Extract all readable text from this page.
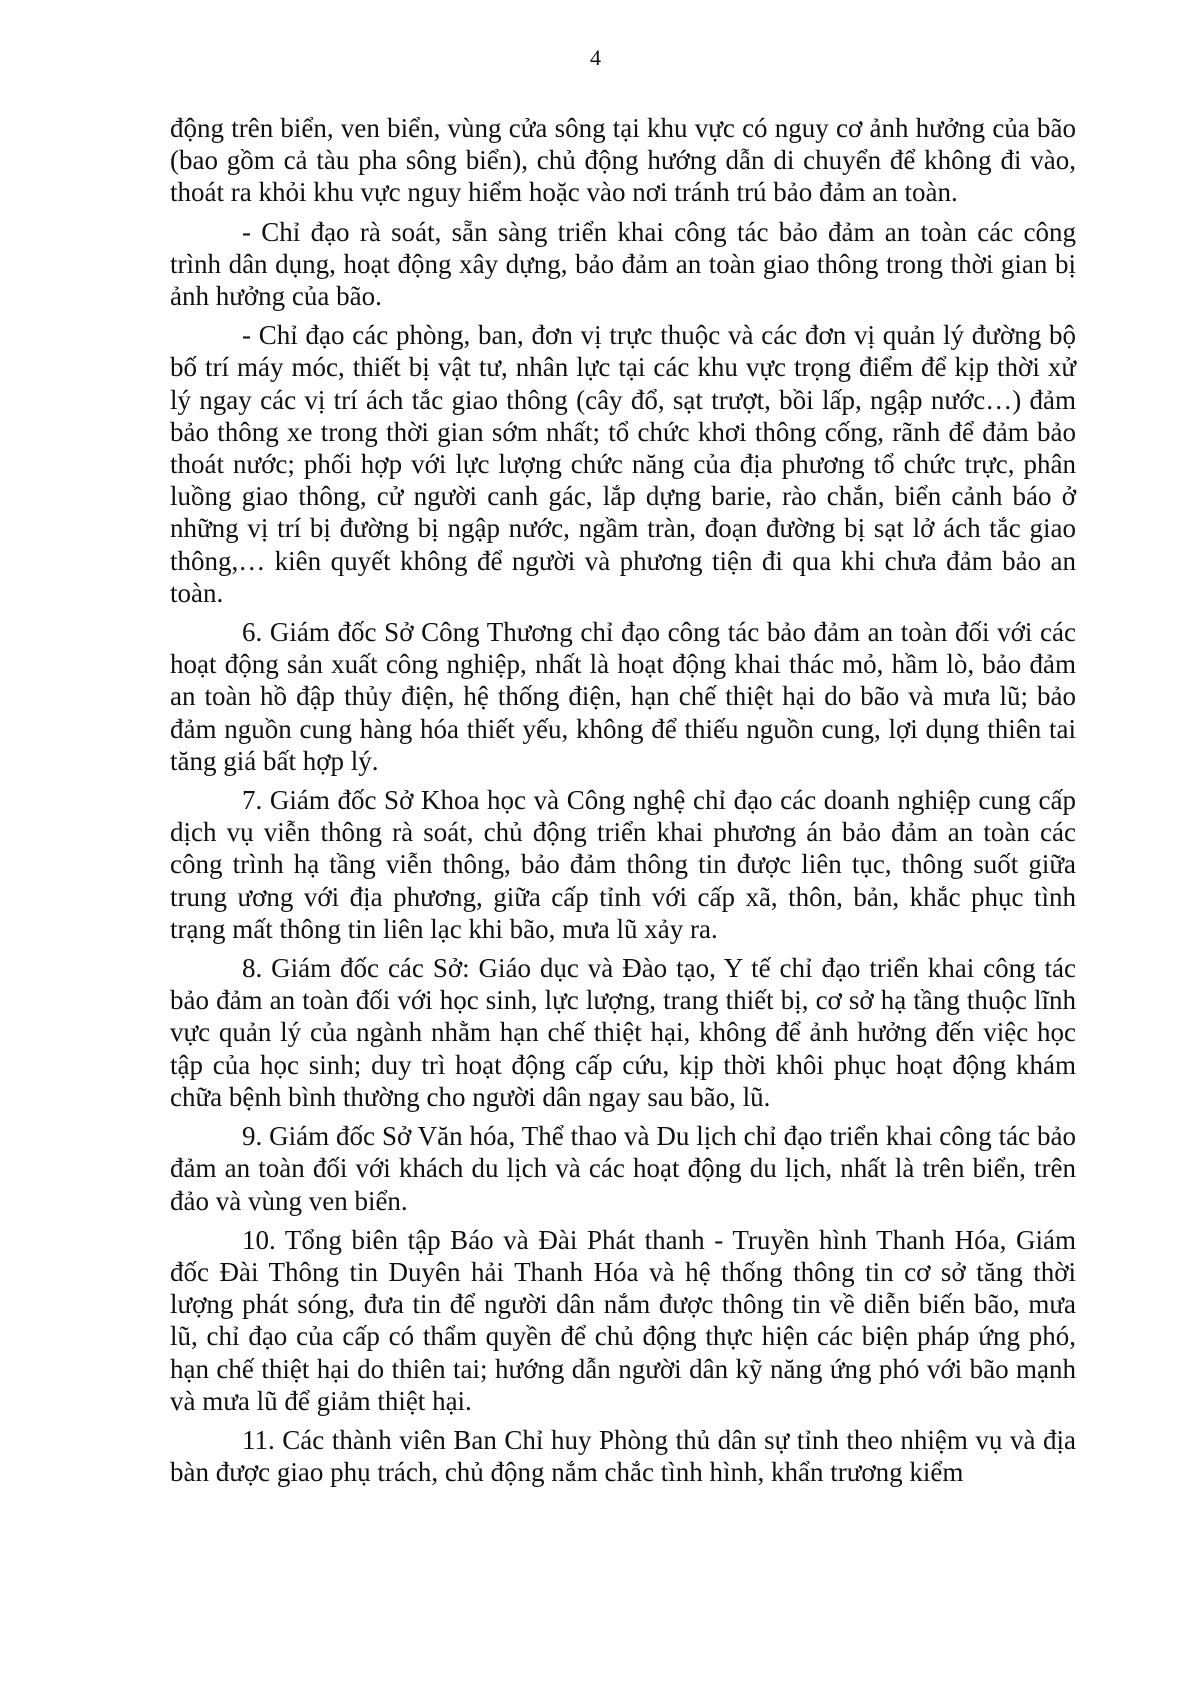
4

động trên biển, ven biển, vùng cửa sông tại khu vực có nguy cơ ảnh hưởng của bão (bao gồm cả tàu pha sông biển), chủ động hướng dẫn di chuyển để không đi vào, thoát ra khỏi khu vực nguy hiểm hoặc vào nơi tránh trú bảo đảm an toàn.

- Chỉ đạo rà soát, sẵn sàng triển khai công tác bảo đảm an toàn các công trình dân dụng, hoạt động xây dựng, bảo đảm an toàn giao thông trong thời gian bị ảnh hưởng của bão.

- Chỉ đạo các phòng, ban, đơn vị trực thuộc và các đơn vị quản lý đường bộ bố trí máy móc, thiết bị vật tư, nhân lực tại các khu vực trọng điểm để kịp thời xử lý ngay các vị trí ách tắc giao thông (cây đổ, sạt trượt, bồi lấp, ngập nước…) đảm bảo thông xe trong thời gian sớm nhất; tổ chức khơi thông cống, rãnh để đảm bảo thoát nước; phối hợp với lực lượng chức năng của địa phương tổ chức trực, phân luồng giao thông, cử người canh gác, lắp dựng barie, rào chắn, biển cảnh báo ở những vị trí bị đường bị ngập nước, ngầm tràn, đoạn đường bị sạt lở ách tắc giao thông,… kiên quyết không để người và phương tiện đi qua khi chưa đảm bảo an toàn.

6. Giám đốc Sở Công Thương chỉ đạo công tác bảo đảm an toàn đối với các hoạt động sản xuất công nghiệp, nhất là hoạt động khai thác mỏ, hầm lò, bảo đảm an toàn hồ đập thủy điện, hệ thống điện, hạn chế thiệt hại do bão và mưa lũ; bảo đảm nguồn cung hàng hóa thiết yếu, không để thiếu nguồn cung, lợi dụng thiên tai tăng giá bất hợp lý.

7. Giám đốc Sở Khoa học và Công nghệ chỉ đạo các doanh nghiệp cung cấp dịch vụ viễn thông rà soát, chủ động triển khai phương án bảo đảm an toàn các công trình hạ tầng viễn thông, bảo đảm thông tin được liên tục, thông suốt giữa trung ương với địa phương, giữa cấp tỉnh với cấp xã, thôn, bản, khắc phục tình trạng mất thông tin liên lạc khi bão, mưa lũ xảy ra.

8. Giám đốc các Sở: Giáo dục và Đào tạo, Y tế chỉ đạo triển khai công tác bảo đảm an toàn đối với học sinh, lực lượng, trang thiết bị, cơ sở hạ tầng thuộc lĩnh vực quản lý của ngành nhằm hạn chế thiệt hại, không để ảnh hưởng đến việc học tập của học sinh; duy trì hoạt động cấp cứu, kịp thời khôi phục hoạt động khám chữa bệnh bình thường cho người dân ngay sau bão, lũ.

9. Giám đốc Sở Văn hóa, Thể thao và Du lịch chỉ đạo triển khai công tác bảo đảm an toàn đối với khách du lịch và các hoạt động du lịch, nhất là trên biển, trên đảo và vùng ven biển.

10. Tổng biên tập Báo và Đài Phát thanh - Truyền hình Thanh Hóa, Giám đốc Đài Thông tin Duyên hải Thanh Hóa và hệ thống thông tin cơ sở tăng thời lượng phát sóng, đưa tin để người dân nắm được thông tin về diễn biến bão, mưa lũ, chỉ đạo của cấp có thẩm quyền để chủ động thực hiện các biện pháp ứng phó, hạn chế thiệt hại do thiên tai; hướng dẫn người dân kỹ năng ứng phó với bão mạnh và mưa lũ để giảm thiệt hại.

11. Các thành viên Ban Chỉ huy Phòng thủ dân sự tỉnh theo nhiệm vụ và địa bàn được giao phụ trách, chủ động nắm chắc tình hình, khẩn trương kiểm
